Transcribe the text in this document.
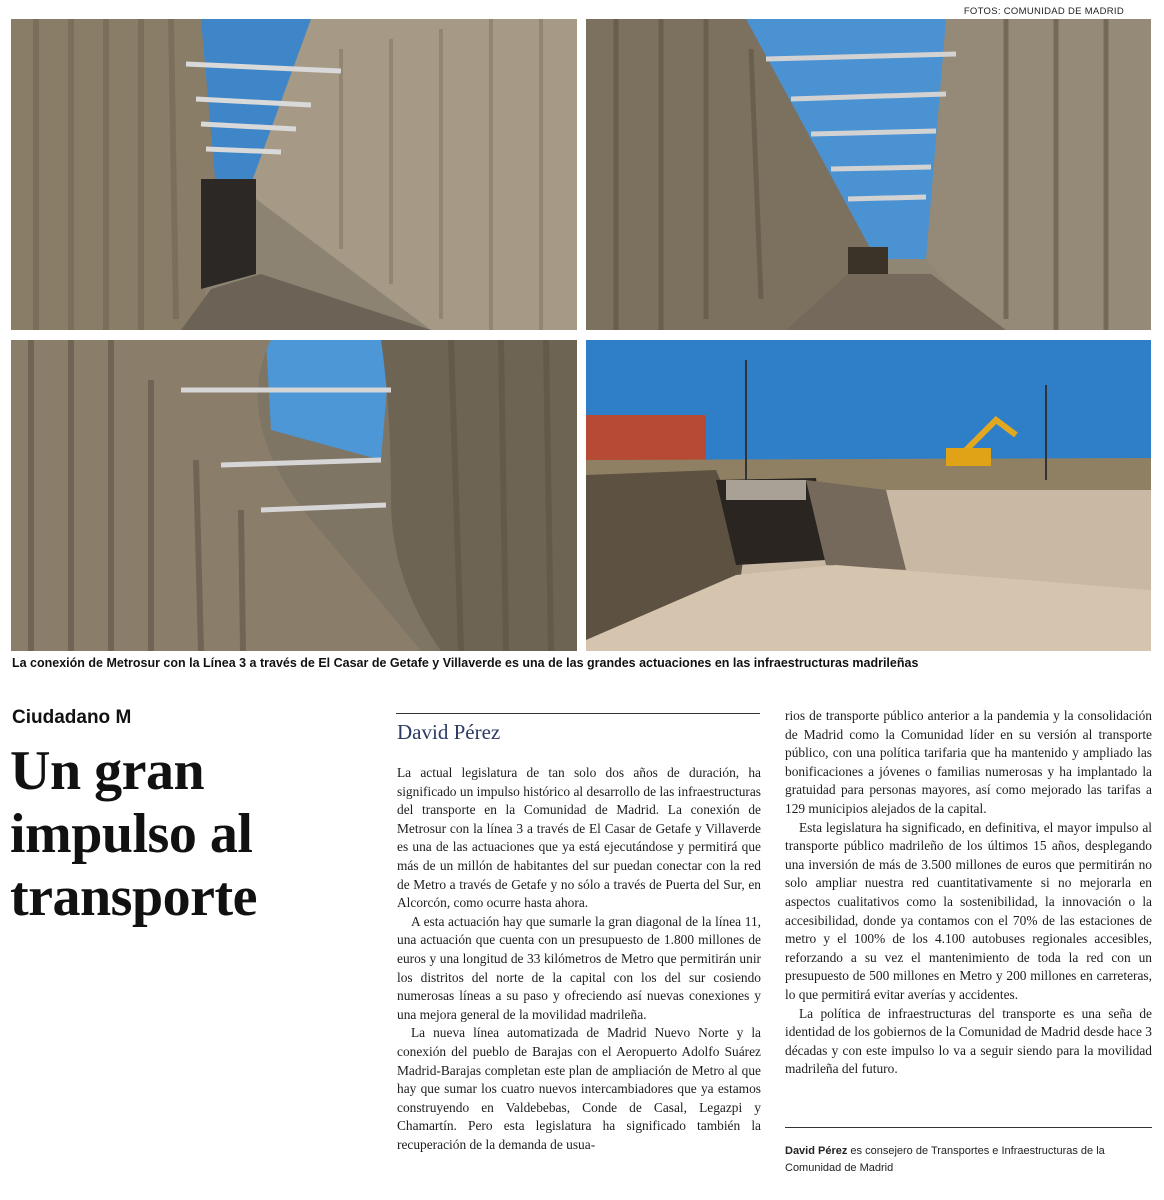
FOTOS: COMUNIDAD DE MADRID
La conexión de Metrosur con la Línea 3 a través de El Casar de Getafe y Villaverde es una de las grandes actuaciones en las infraestructuras madrileñas
Ciudadano M
Un gran impulso al transporte
David Pérez

La actual legislatura de tan solo dos años de duración, ha significado un impulso histórico al desarrollo de las infraestructuras del transporte en la Comunidad de Madrid. La conexión de Metrosur con la línea 3 a través de El Casar de Getafe y Villaverde es una de las actuaciones que ya está ejecutándose y permitirá que más de un millón de habitantes del sur puedan conectar con la red de Metro a través de Getafe y no sólo a través de Puerta del Sur, en Alcorcón, como ocurre hasta ahora.

A esta actuación hay que sumarle la gran diagonal de la línea 11, una actuación que cuenta con un presupuesto de 1.800 millones de euros y una longitud de 33 kilómetros de Metro que permitirán unir los distritos del norte de la capital con los del sur cosiendo numerosas líneas a su paso y ofreciendo así nuevas conexiones y una mejora general de la movilidad madrileña.

La nueva línea automatizada de Madrid Nuevo Norte y la conexión del pueblo de Barajas con el Aeropuerto Adolfo Suárez Madrid-Barajas completan este plan de ampliación de Metro al que hay que sumar los cuatro nuevos intercambiadores que ya estamos construyendo en Valdebebas, Conde de Casal, Legazpi y Chamartín. Pero esta legislatura ha significado también la recuperación de la demanda de usua-

rios de transporte público anterior a la pandemia y la consolidación de Madrid como la Comunidad líder en su versión al transporte público, con una política tarifaria que ha mantenido y ampliado las bonificaciones a jóvenes o familias numerosas y ha implantado la gratuidad para personas mayores, así como mejorado las tarifas a 129 municipios alejados de la capital.

Esta legislatura ha significado, en definitiva, el mayor impulso al transporte público madrileño de los últimos 15 años, desplegando una inversión de más de 3.500 millones de euros que permitirán no solo ampliar nuestra red cuantitativamente si no mejorarla en aspectos cualitativos como la sostenibilidad, la innovación o la accesibilidad, donde ya contamos con el 70% de las estaciones de metro y el 100% de los 4.100 autobuses regionales accesibles, reforzando a su vez el mantenimiento de toda la red con un presupuesto de 500 millones en Metro y 200 millones en carreteras, lo que permitirá evitar averías y accidentes.

La política de infraestructuras del transporte es una seña de identidad de los gobiernos de la Comunidad de Madrid desde hace 3 décadas y con este impulso lo va a seguir siendo para la movilidad madrileña del futuro.

David Pérez es consejero de Transportes e Infraestructuras de la Comunidad de Madrid
